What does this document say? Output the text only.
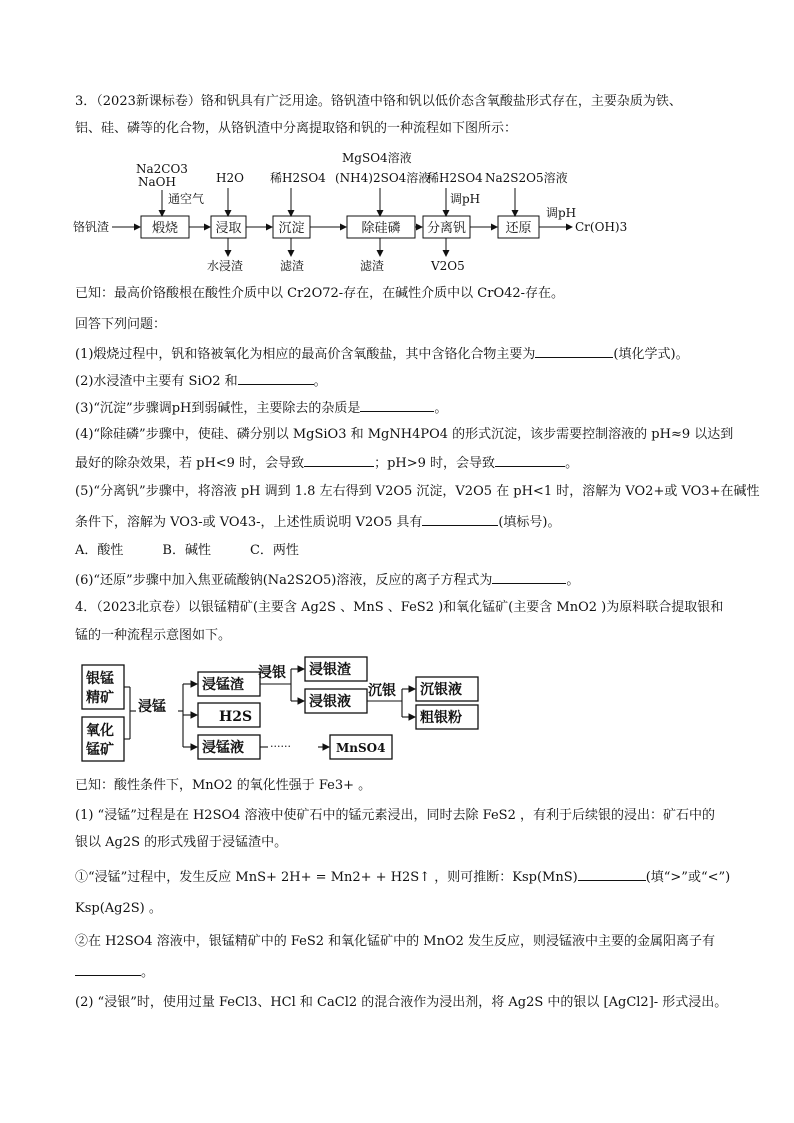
3．（2023新课标卷）铬和钒具有广泛用途。铬钒渣中铬和钒以低价态含氧酸盐形式存在，主要杂质为铁、
铝、硅、磷等的化合物，从铬钒渣中分离提取铬和钒的一种流程如下图所示：
铬钒渣
Na2CO3
NaOH
通空气
H2O 稀H2SO4
MgSO4溶液
(NH4)2SO4溶液
稀H2SO4
调pH
Na2S2O5溶液
调pH
Cr(OH)3
水浸渣	滤渣	滤渣	V2O5
煅烧	浸取	沉淀	除硅磷 分离钒	还原
已知：最高价铬酸根在酸性介质中以 Cr2O72-存在，在碱性介质中以 CrO42-存在。
回答下列问题：
(1)煅烧过程中，钒和铬被氧化为相应的最高价含氧酸盐，其中含铬化合物主要为	(填化学式)。
(2)水浸渣中主要有 SiO2 和	。
(3)“沉淀”步骤调pH到弱碱性，主要除去的杂质是	。
(4)“除硅磷”步骤中，使硅、磷分别以 MgSiO3 和 MgNH4PO4 的形式沉淀，该步需要控制溶液的 pH≈9 以达到
最好的除杂效果，若 pH<9 时，会导致	；pH>9 时，会导致	。
(5)“分离钒”步骤中，将溶液 pH 调到 1.8 左右得到 V2O5 沉淀，V2O5 在 pH<1 时，溶解为 VO2+或 VO3+在碱性
条件下，溶解为 VO3-或 VO43-，上述性质说明 V2O5 具有	(填标号)。
A．酸性　　　B．碱性　　　C．两性
(6)“还原”步骤中加入焦亚硫酸钠(Na2S2O5)溶液，反应的离子方程式为	。
4．（2023北京卷）以银锰精矿(主要含 Ag2S 、MnS 、FeS2 )和氧化锰矿(主要含 MnO2 )为原料联合提取银和
锰的一种流程示意图如下。
银锰
精矿
氧化
锰矿
浸锰
浸锰渣
H2S
浸锰液
浸银 浸银渣
浸银液
沉银 沉银液
粗银粉
MnSO4
······
已知：酸性条件下，MnO2 的氧化性强于 Fe3+ 。
(1) “浸锰”过程是在 H2SO4 溶液中使矿石中的锰元素浸出，同时去除 FeS2 ，有利于后续银的浸出：矿石中的
银以 Ag2S 的形式残留于浸锰渣中。
①“浸锰”过程中，发生反应 MnS+ 2H+ = Mn2+ + H2S↑ ，则可推断：Ksp(MnS)	(填“>”或“<”)
Ksp(Ag2S) 。
②在 H2SO4 溶液中，银锰精矿中的 FeS2 和氧化锰矿中的 MnO2 发生反应，则浸锰液中主要的金属阳离子有
。
(2) “浸银”时，使用过量 FeCl3、HCl 和 CaCl2 的混合液作为浸出剂，将 Ag2S 中的银以 [AgCl2]- 形式浸出。
